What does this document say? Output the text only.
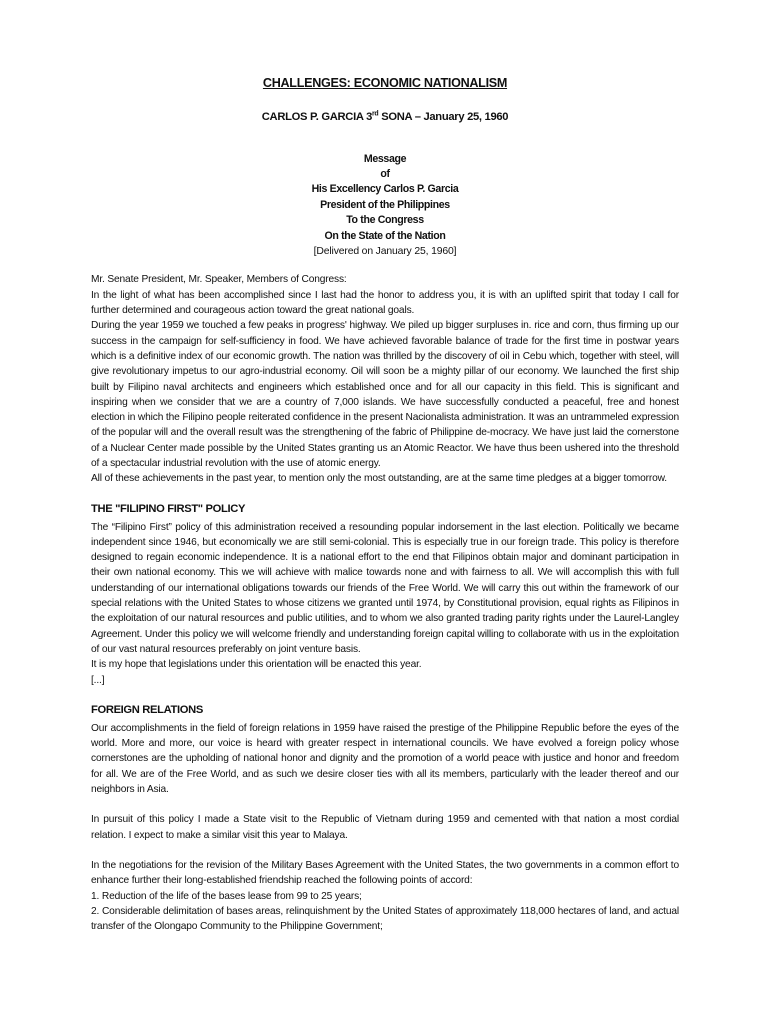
CHALLENGES: ECONOMIC NATIONALISM
CARLOS P. GARCIA 3rd SONA – January 25, 1960
Message
of
His Excellency Carlos P. Garcia
President of the Philippines
To the Congress
On the State of the Nation
[Delivered on January 25, 1960]

Mr. Senate President, Mr. Speaker, Members of Congress:

In the light of what has been accomplished since I last had the honor to address you, it is with an uplifted spirit that today I call for further determined and courageous action toward the great national goals.

During the year 1959 we touched a few peaks in progress' highway. We piled up bigger surpluses in. rice and corn, thus firming up our success in the campaign for self-sufficiency in food. We have achieved favorable balance of trade for the first time in postwar years which is a definitive index of our economic growth. The nation was thrilled by the discovery of oil in Cebu which, together with steel, will give revolutionary impetus to our agro-industrial economy. Oil will soon be a mighty pillar of our economy. We launched the first ship built by Filipino naval architects and engineers which established once and for all our capacity in this field. This is significant and inspiring when we consider that we are a country of 7,000 islands. We have successfully conducted a peaceful, free and honest election in which the Filipino people reiterated confidence in the present Nacionalista administration. It was an untrammeled expression of the popular will and the overall result was the strengthening of the fabric of Philippine de-mocracy. We have just laid the cornerstone of a Nuclear Center made possible by the United States granting us an Atomic Reactor. We have thus been ushered into the threshold of a spectacular industrial revolution with the use of atomic energy.

All of these achievements in the past year, to mention only the most outstanding, are at the same time pledges at a bigger tomorrow.

THE "FILIPINO FIRST" POLICY

The “Filipino First” policy of this administration received a resounding popular indorsement in the last election. Politically we became independent since 1946, but economically we are still semi-colonial. This is especially true in our foreign trade. This policy is therefore designed to regain economic independence. It is a national effort to the end that Filipinos obtain major and dominant participation in their own national economy. This we will achieve with malice towards none and with fairness to all. We will accomplish this with full understanding of our international obligations towards our friends of the Free World. We will carry this out within the framework of our special relations with the United States to whose citizens we granted until 1974, by Constitutional provision, equal rights as Filipinos in the exploitation of our natural resources and public utilities, and to whom we also granted trading parity rights under the Laurel-Langley Agreement. Under this policy we will welcome friendly and understanding foreign capital willing to collaborate with us in the exploitation of our vast natural resources preferably on joint venture basis.

It is my hope that legislations under this orientation will be enacted this year.

[...]

FOREIGN RELATIONS

Our accomplishments in the field of foreign relations in 1959 have raised the prestige of the Philippine Republic before the eyes of the world. More and more, our voice is heard with greater respect in international councils. We have evolved a foreign policy whose cornerstones are the upholding of national honor and dignity and the promotion of a world peace with justice and honor and freedom for all. We are of the Free World, and as such we desire closer ties with all its members, particularly with the leader thereof and our neighbors in Asia.

In pursuit of this policy I made a State visit to the Republic of Vietnam during 1959 and cemented with that nation a most cordial relation. I expect to make a similar visit this year to Malaya.

In the negotiations for the revision of the Military Bases Agreement with the United States, the two governments in a common effort to enhance further their long-established friendship reached the following points of accord:

1. Reduction of the life of the bases lease from 99 to 25 years;
2. Considerable delimitation of bases areas, relinquishment by the United States of approximately 118,000 hectares of land, and actual transfer of the Olongapo Community to the Philippine Government;
